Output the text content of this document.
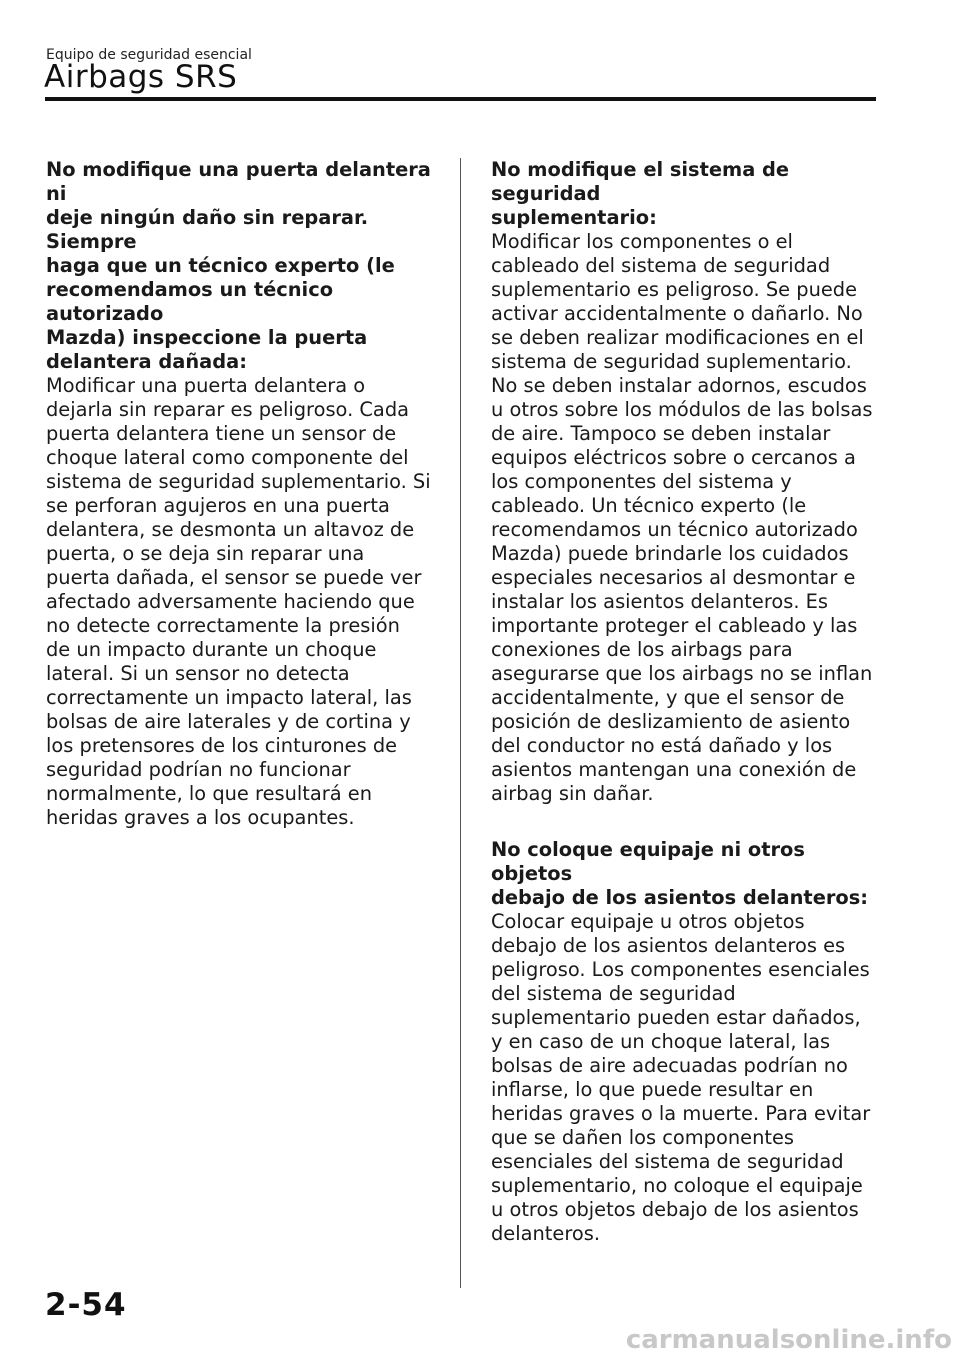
Equipo de seguridad esencial
Airbags SRS

No modifique una puerta delantera ni

deje ningún daño sin reparar. Siempre

haga que un técnico experto (le

recomendamos un técnico autorizado

Mazda) inspeccione la puerta

delantera dañada:

Modificar una puerta delantera o

dejarla sin reparar es peligroso. Cada

puerta delantera tiene un sensor de

choque lateral como componente del

sistema de seguridad suplementario. Si

se perforan agujeros en una puerta

delantera, se desmonta un altavoz de

puerta, o se deja sin reparar una

puerta dañada, el sensor se puede ver

afectado adversamente haciendo que

no detecte correctamente la presión

de un impacto durante un choque

lateral. Si un sensor no detecta

correctamente un impacto lateral, las

bolsas de aire laterales y de cortina y

los pretensores de los cinturones de

seguridad podrían no funcionar

normalmente, lo que resultará en

heridas graves a los ocupantes.

No modifique el sistema de seguridad

suplementario:

Modificar los componentes o el

cableado del sistema de seguridad

suplementario es peligroso. Se puede

activar accidentalmente o dañarlo. No

se deben realizar modificaciones en el

sistema de seguridad suplementario.

No se deben instalar adornos, escudos

u otros sobre los módulos de las bolsas

de aire. Tampoco se deben instalar

equipos eléctricos sobre o cercanos a

los componentes del sistema y

cableado. Un técnico experto (le

recomendamos un técnico autorizado

Mazda) puede brindarle los cuidados

especiales necesarios al desmontar e

instalar los asientos delanteros. Es

importante proteger el cableado y las

conexiones de los airbags para

asegurarse que los airbags no se inflan

accidentalmente, y que el sensor de

posición de deslizamiento de asiento

del conductor no está dañado y los

asientos mantengan una conexión de

airbag sin dañar.

No coloque equipaje ni otros objetos

debajo de los asientos delanteros:

Colocar equipaje u otros objetos

debajo de los asientos delanteros es

peligroso. Los componentes esenciales

del sistema de seguridad

suplementario pueden estar dañados,

y en caso de un choque lateral, las

bolsas de aire adecuadas podrían no

inflarse, lo que puede resultar en

heridas graves o la muerte. Para evitar

que se dañen los componentes

esenciales del sistema de seguridad

suplementario, no coloque el equipaje

u otros objetos debajo de los asientos

delanteros.

2-54
carmanualsonline.info
